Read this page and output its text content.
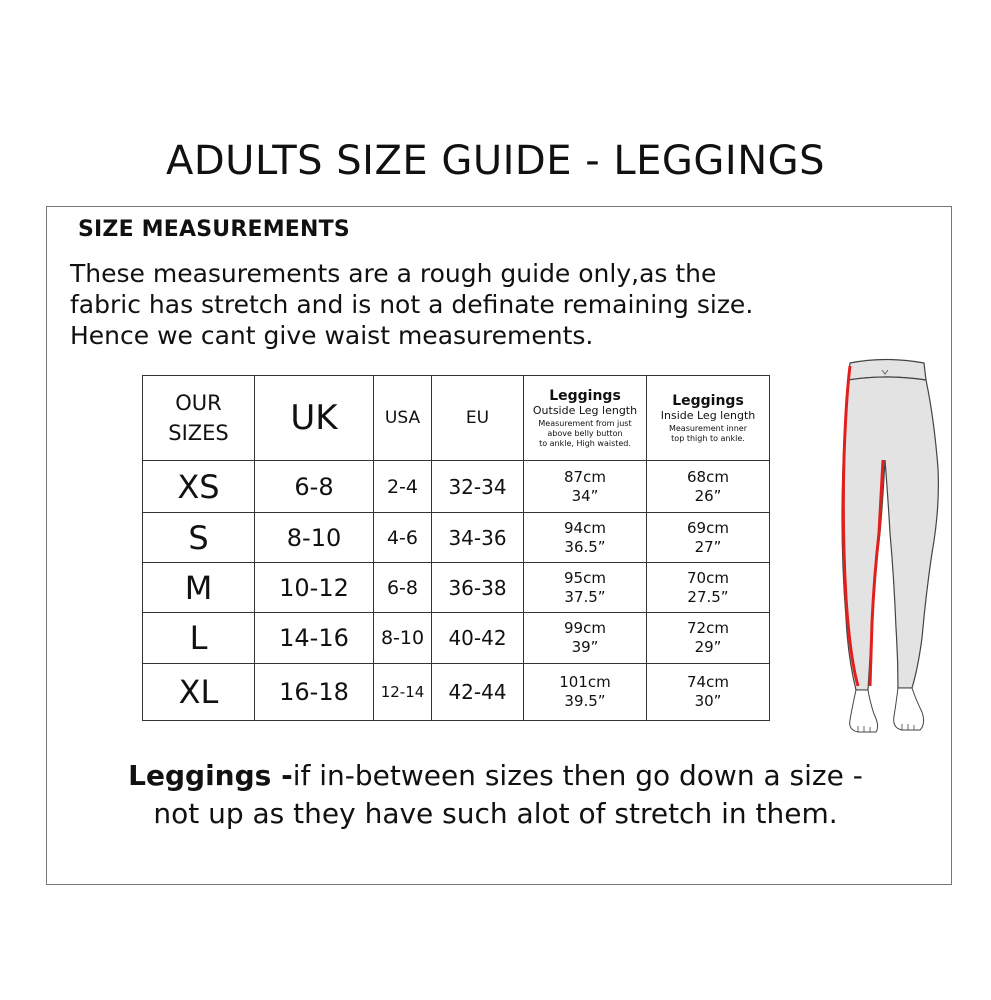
ADULTS SIZE GUIDE - LEGGINGS
SIZE MEASUREMENTS
These measurements are a rough guide only,as the
fabric has stretch and is not a definate remaining size.
Hence we cant give waist measurements.
OUR
SIZES	UK	USA	EU	Leggings
Outside Leg length
Measurement from just
above belly button
to ankle, High waisted.	Leggings
Inside Leg length
Measurement inner
top thigh to ankle.

XS	6-8	2-4	32-34	87cm
34”	68cm
26”

S	8-10	4-6	34-36	94cm
36.5”	69cm
27”

M	10-12	6-8	36-38	95cm
37.5”	70cm
27.5”

L	14-16	8-10	40-42	99cm
39”	72cm
29”

XL	16-18	12-14	42-44	101cm
39.5”	74cm
30”
Leggings -if in-between sizes then go down a size -
not up as they have such alot of stretch in them.
